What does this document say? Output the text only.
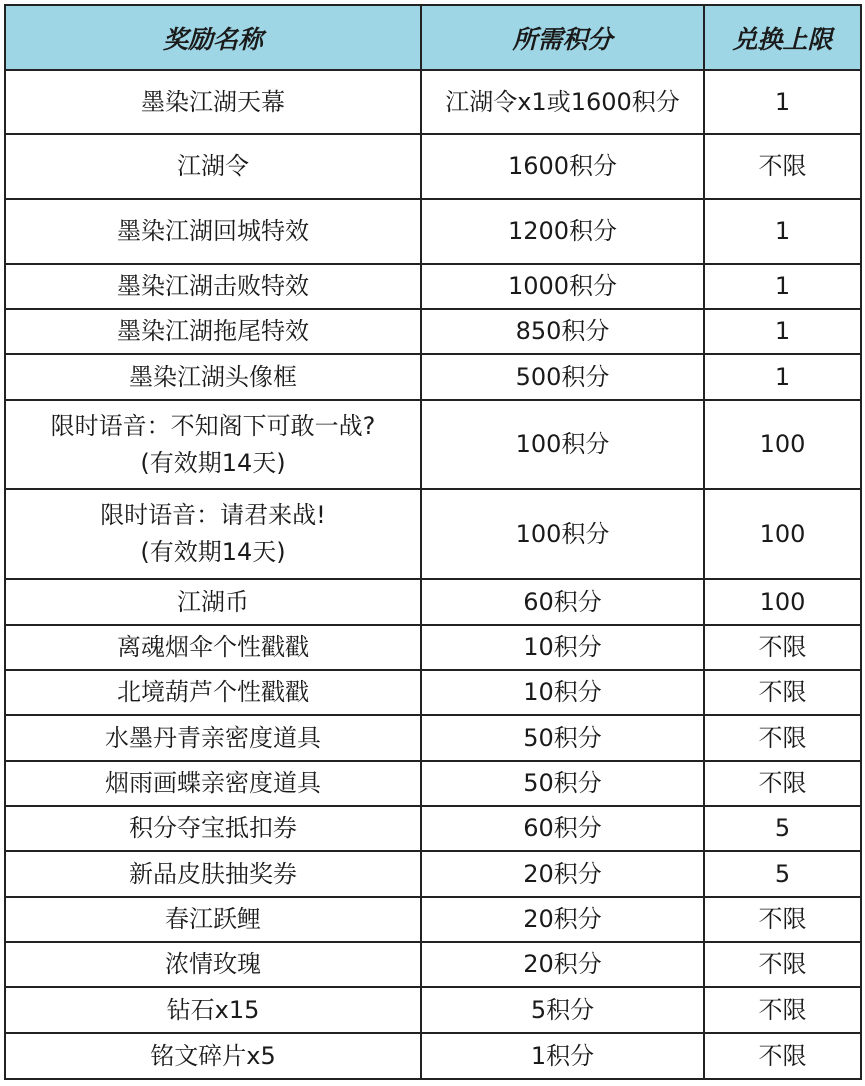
奖励名称	所需积分	兑换上限

墨染江湖天幕	江湖令x1或1600积分	1

江湖令	1600积分	不限

墨染江湖回城特效	1200积分	1

墨染江湖击败特效	1000积分	1

墨染江湖拖尾特效	850积分	1

墨染江湖头像框	500积分	1

限时语音：不知阁下可敢一战?
(有效期14天)	100积分	100

限时语音：请君来战!
(有效期14天)	100积分	100

江湖币	60积分	100

离魂烟伞个性戳戳	10积分	不限

北境葫芦个性戳戳	10积分	不限

水墨丹青亲密度道具	50积分	不限

烟雨画蝶亲密度道具	50积分	不限

积分夺宝抵扣券	60积分	5

新品皮肤抽奖券	20积分	5

春江跃鲤	20积分	不限

浓情玫瑰	20积分	不限

钻石x15	5积分	不限

铭文碎片x5	1积分	不限
